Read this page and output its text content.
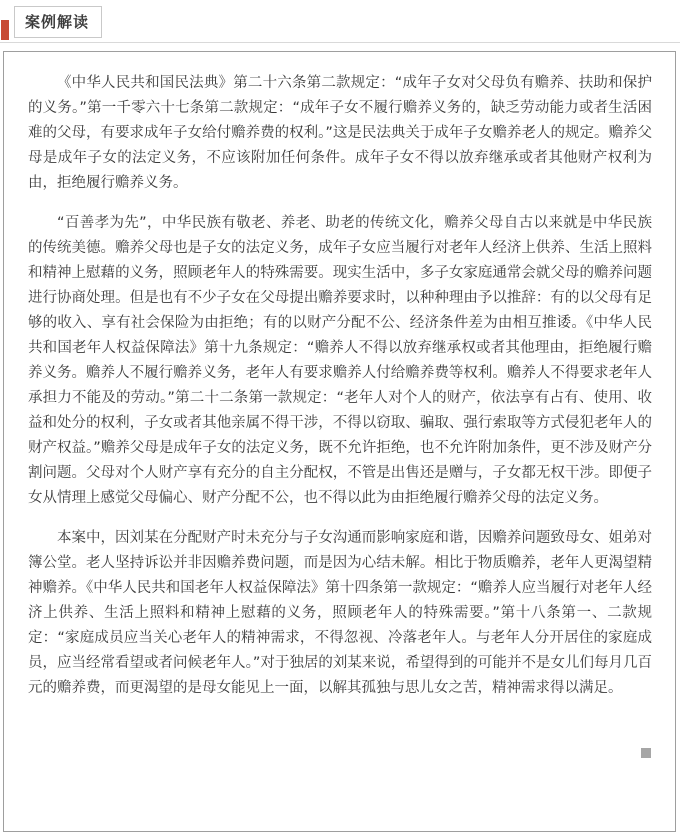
案例解读

《中华人民共和国民法典》第二十六条第二款规定：“成年子女对父母负有赡养、扶助和保护的义务。”第一千零六十七条第二款规定：“成年子女不履行赡养义务的，缺乏劳动能力或者生活困难的父母，有要求成年子女给付赡养费的权利。”这是民法典关于成年子女赡养老人的规定。赡养父母是成年子女的法定义务，不应该附加任何条件。成年子女不得以放弃继承或者其他财产权利为由，拒绝履行赡养义务。

“百善孝为先”，中华民族有敬老、养老、助老的传统文化，赡养父母自古以来就是中华民族的传统美德。赡养父母也是子女的法定义务，成年子女应当履行对老年人经济上供养、生活上照料和精神上慰藉的义务，照顾老年人的特殊需要。现实生活中，多子女家庭通常会就父母的赡养问题进行协商处理。但是也有不少子女在父母提出赡养要求时，以种种理由予以推辞：有的以父母有足够的收入、享有社会保险为由拒绝；有的以财产分配不公、经济条件差为由相互推诿。《中华人民共和国老年人权益保障法》第十九条规定：“赡养人不得以放弃继承权或者其他理由，拒绝履行赡养义务。赡养人不履行赡养义务，老年人有要求赡养人付给赡养费等权利。赡养人不得要求老年人承担力不能及的劳动。”第二十二条第一款规定：“老年人对个人的财产，依法享有占有、使用、收益和处分的权利，子女或者其他亲属不得干涉，不得以窃取、骗取、强行索取等方式侵犯老年人的财产权益。”赡养父母是成年子女的法定义务，既不允许拒绝，也不允许附加条件，更不涉及财产分割问题。父母对个人财产享有充分的自主分配权，不管是出售还是赠与，子女都无权干涉。即便子女从情理上感觉父母偏心、财产分配不公，也不得以此为由拒绝履行赡养父母的法定义务。

本案中，因刘某在分配财产时未充分与子女沟通而影响家庭和谐，因赡养问题致母女、姐弟对簿公堂。老人坚持诉讼并非因赡养费问题，而是因为心结未解。相比于物质赡养，老年人更渴望精神赡养。《中华人民共和国老年人权益保障法》第十四条第一款规定：“赡养人应当履行对老年人经济上供养、生活上照料和精神上慰藉的义务，照顾老年人的特殊需要。”第十八条第一、二款规定：“家庭成员应当关心老年人的精神需求，不得忽视、冷落老年人。与老年人分开居住的家庭成员，应当经常看望或者问候老年人。”对于独居的刘某来说，希望得到的可能并不是女儿们每月几百元的赡养费，而更渴望的是母女能见上一面，以解其孤独与思儿女之苦，精神需求得以满足。
